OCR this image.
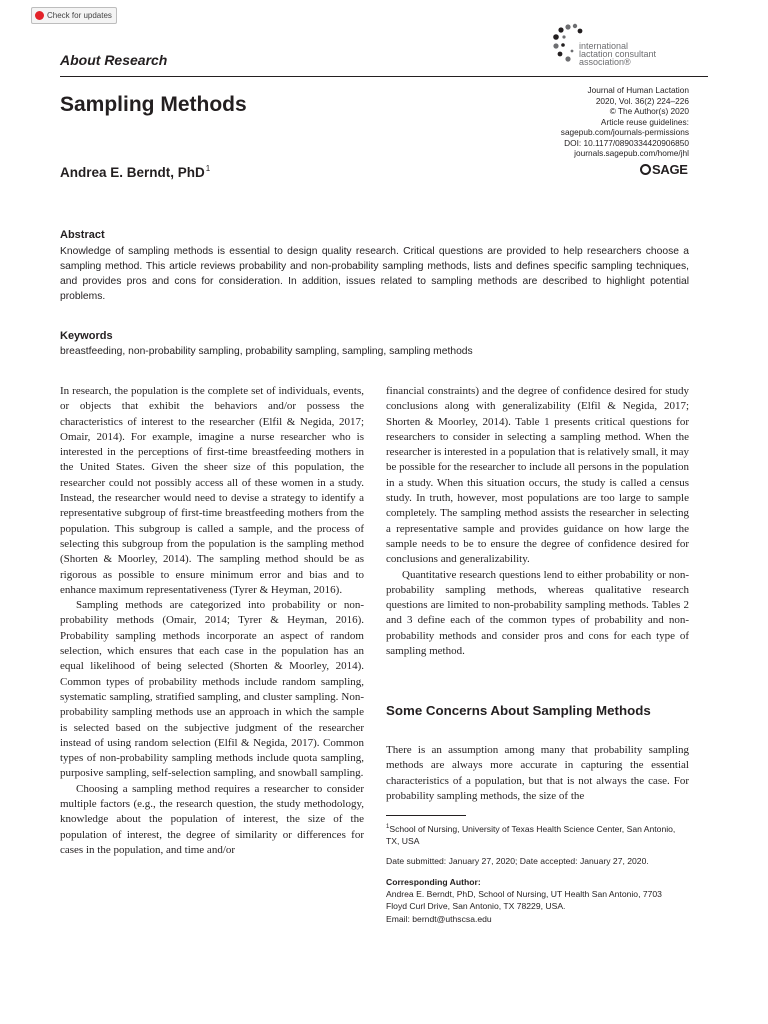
Check for updates
About Research
Sampling Methods
Andrea E. Berndt, PhD$^1$
international
lactation consultant
association®
Journal of Human Lactation
2020, Vol. 36(2) 224–226
© The Author(s) 2020
Article reuse guidelines:
sagepub.com/journals-permissions
DOI: 10.1177/0890334420906850
journals.sagepub.com/home/jhl
SAGE
Abstract
Knowledge of sampling methods is essential to design quality research. Critical questions are provided to help researchers choose a sampling method. This article reviews probability and non-probability sampling methods, lists and defines specific sampling techniques, and provides pros and cons for consideration. In addition, issues related to sampling methods are described to highlight potential problems.
Keywords
breastfeeding, non-probability sampling, probability sampling, sampling, sampling methods

In research, the population is the complete set of individuals, events, or objects that exhibit the behaviors and/or possess the characteristics of interest to the researcher (Elfil & Negida, 2017; Omair, 2014). For example, imagine a nurse researcher who is interested in the perceptions of first-time breastfeeding mothers in the United States. Given the sheer size of this population, the researcher could not possibly access all of these women in a study. Instead, the researcher would need to devise a strategy to identify a representative subgroup of first-time breastfeeding mothers from the population. This subgroup is called a sample, and the process of selecting this subgroup from the population is the sampling method (Shorten & Moorley, 2014). The sampling method should be as rigorous as possible to ensure minimum error and bias and to enhance maximum representativeness (Tyrer & Heyman, 2016).

Sampling methods are categorized into probability or non-probability methods (Omair, 2014; Tyrer & Heyman, 2016). Probability sampling methods incorporate an aspect of random selection, which ensures that each case in the population has an equal likelihood of being selected (Shorten & Moorley, 2014). Common types of probability methods include random sampling, systematic sampling, stratified sampling, and cluster sampling. Non-probability sampling methods use an approach in which the sample is selected based on the subjective judgment of the researcher instead of using random selection (Elfil & Negida, 2017). Common types of non-probability sampling methods include quota sampling, purposive sampling, self-selection sampling, and snowball sampling.

Choosing a sampling method requires a researcher to consider multiple factors (e.g., the research question, the study methodology, knowledge about the population of interest, the size of the population of interest, the degree of similarity or differences for cases in the population, and time and/or

financial constraints) and the degree of confidence desired for study conclusions along with generalizability (Elfil & Negida, 2017; Shorten & Moorley, 2014). Table 1 presents critical questions for researchers to consider in selecting a sampling method. When the researcher is interested in a population that is relatively small, it may be possible for the researcher to include all persons in the population in a study. When this situation occurs, the study is called a census study. In truth, however, most populations are too large to sample completely. The sampling method assists the researcher in selecting a representative sample and provides guidance on how large the sample needs to be to ensure the degree of confidence desired for conclusions and generalizability.

Quantitative research questions lend to either probability or non-probability sampling methods, whereas qualitative research questions are limited to non-probability sampling methods. Tables 2 and 3 define each of the common types of probability and non-probability methods and consider pros and cons for each type of sampling method.

Some Concerns About Sampling Methods

There is an assumption among many that probability sampling methods are always more accurate in capturing the essential characteristics of a population, but that is not always the case. For probability sampling methods, the size of the

$^1$School of Nursing, University of Texas Health Science Center, San Antonio, TX, USA
Date submitted: January 27, 2020; Date accepted: January 27, 2020.
Corresponding Author:
Andrea E. Berndt, PhD, School of Nursing, UT Health San Antonio, 7703
Floyd Curl Drive, San Antonio, TX 78229, USA.
Email: berndt@uthscsa.edu
